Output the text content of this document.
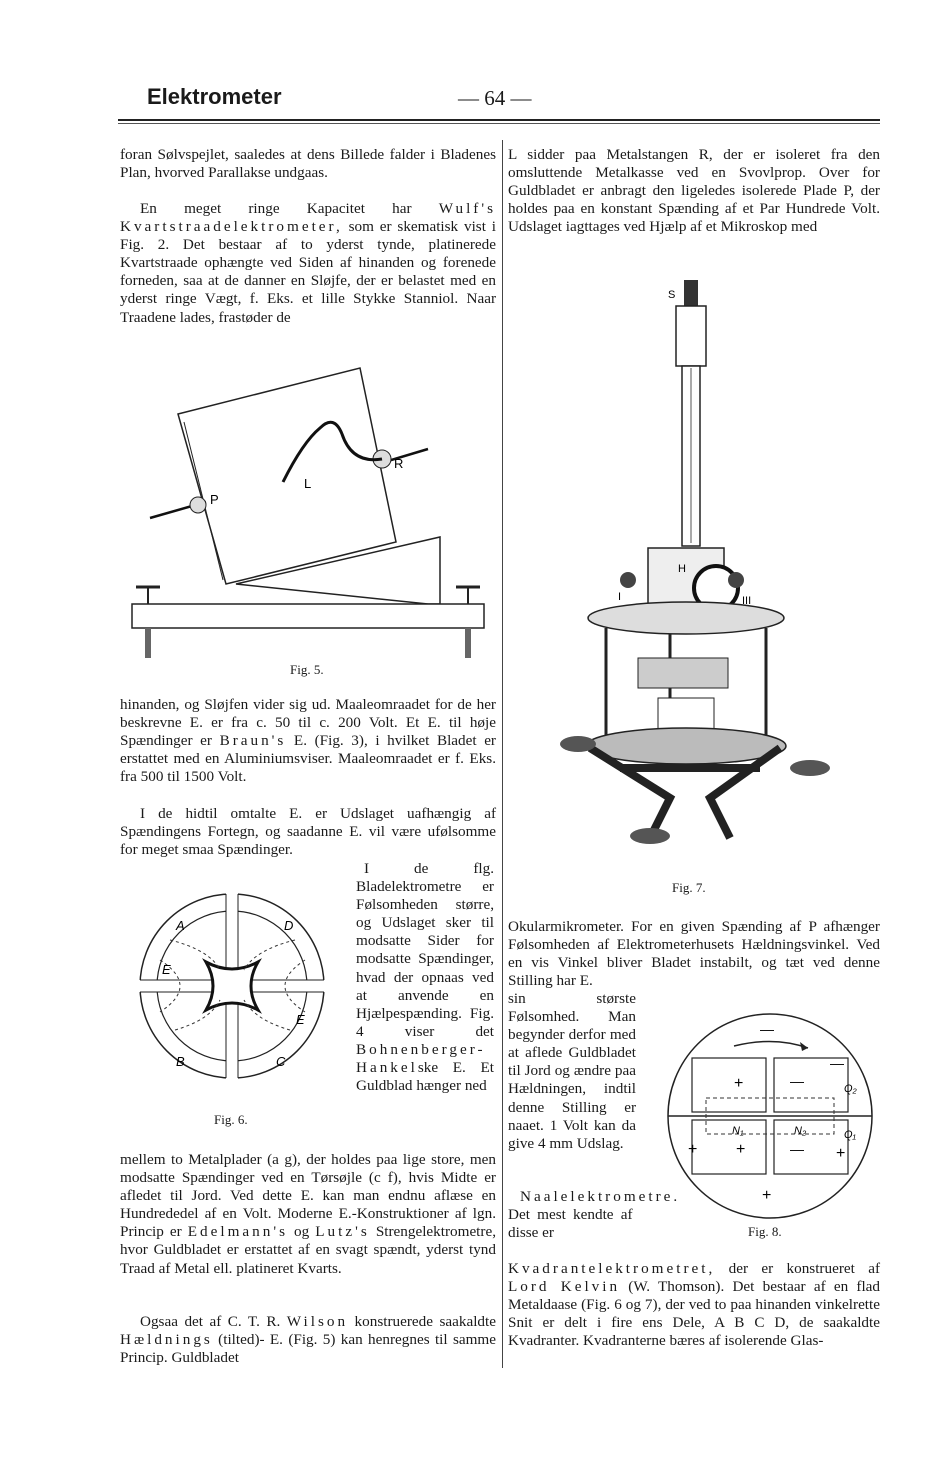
Elektrometer	— 64 —

foran Sølvspejlet, saaledes at dens Billede falder i Bladenes Plan, hvorved Parallakse undgaas.

En meget ringe Kapacitet har Wulf's Kvartstraadelektrometer, som er skematisk vist i Fig. 2. Det bestaar af to yderst tynde, platinerede Kvartstraade ophængte ved Siden af hinanden og forenede forneden, saa at de danner en Sløjfe, der er belastet med en yderst ringe Vægt, f. Eks. et lille Stykke Stanniol. Naar Traadene lades, frastøder de

L
R
P
Fig. 5.

hinanden, og Sløjfen vider sig ud. Maaleomraadet for de her beskrevne E. er fra c. 50 til c. 200 Volt. Et E. til høje Spændinger er Braun's E. (Fig. 3), i hvilket Bladet er erstattet med en Aluminiumsviser. Maaleomraadet er f. Eks. fra 500 til 1500 Volt.

I de hidtil omtalte E. er Udslaget uafhængig af Spændingens Fortegn, og saadanne E. vil være ufølsomme for meget smaa Spændinger.

A	D
E
E
B	C
Fig. 6.

I de flg. Bladelektrometre er Følsomheden større, og Udslaget sker til modsatte Sider for modsatte Spændinger, hvad der opnaas ved at anvende en Hjælpespænding. Fig. 4 viser det Bohnenberger-Hankelske E. Et Guldblad hænger ned

mellem to Metalplader (a g), der holdes paa lige store, men modsatte Spændinger ved en Tørsøjle (c f), hvis Midte er afledet til Jord. Ved dette E. kan man endnu aflæse en Hundrededel af en Volt. Moderne E.-Konstruktioner af lgn. Princip er Edelmann's og Lutz's Strengelektrometre, hvor Guldbladet er erstattet af en svagt spændt, yderst tynd Traad af Metal ell. platineret Kvarts.

Ogsaa det af C. T. R. Wilson konstruerede saakaldte Hældnings (tilted)- E. (Fig. 5) kan henregnes til samme Princip. Guldbladet

L sidder paa Metalstangen R, der er isoleret fra den omsluttende Metalkasse ved en Svovlprop. Over for Guldbladet er anbragt den ligeledes isolerede Plade P, der holdes paa en konstant Spænding af et Par Hundrede Volt. Udslaget iagttages ved Hjælp af et Mikroskop med

S
H
I	III
Fig. 7.

Okularmikrometer. For en given Spænding af P afhænger Følsomheden af Elektrometerhusets Hældningsvinkel. Ved en vis Vinkel bliver Bladet instabilt, og tæt ved denne Stilling har E.

sin største Følsomhed. Man begynder derfor med at aflede Guldbladet til Jord og ændre paa Hældningen, indtil denne Stilling er naaet. 1 Volt kan da give 4 mm Udslag.

Naalelektrometre. Det mest kendte af disse er

—
+	—
—
Q₂
N₁	N₂	Q₁
+ +	— +
+
Fig. 8.

Kvadrantelektrometret, der er konstrueret af Lord Kelvin (W. Thomson). Det bestaar af en flad Metaldaase (Fig. 6 og 7), der ved to paa hinanden vinkelrette Snit er delt i fire ens Dele, A B C D, de saakaldte Kvadranter. Kvadranterne bæres af isolerende Glas-
